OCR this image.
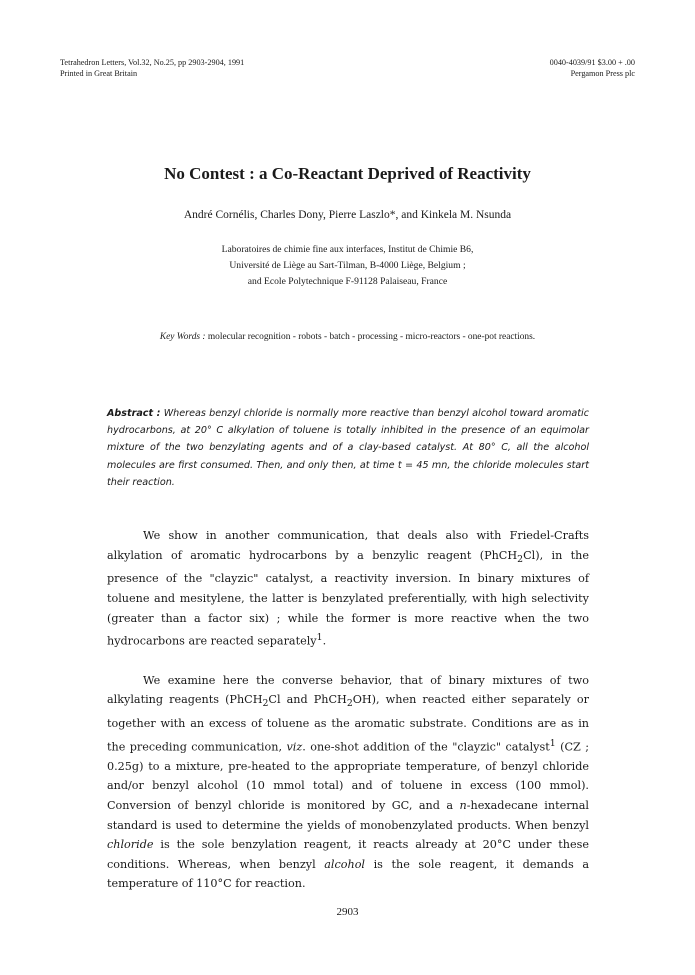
Tetrahedron Letters, Vol.32, No.25, pp 2903-2904, 1991
Printed in Great Britain
0040-4039/91 $3.00 + .00
Pergamon Press plc
No Contest : a Co-Reactant Deprived of Reactivity
André Cornélis, Charles Dony, Pierre Laszlo*, and Kinkela M. Nsunda
Laboratoires de chimie fine aux interfaces, Institut de Chimie B6,
Université de Liège au Sart-Tilman, B-4000 Liège, Belgium ;
and Ecole Polytechnique F-91128 Palaiseau, France
Key Words : molecular recognition - robots - batch - processing - micro-reactors - one-pot reactions.
Abstract : Whereas benzyl chloride is normally more reactive than benzyl alcohol toward aromatic hydrocarbons, at 20° C alkylation of toluene is totally inhibited in the presence of an equimolar mixture of the two benzylating agents and of a clay-based catalyst. At 80° C, all the alcohol molecules are first consumed. Then, and only then, at time t = 45 mn, the chloride molecules start their reaction.

We show in another communication, that deals also with Friedel-Crafts alkylation of aromatic hydrocarbons by a benzylic reagent (PhCH$_2$Cl), in the presence of the "clayzic" catalyst, a reactivity inversion. In binary mixtures of toluene and mesitylene, the latter is benzylated preferentially, with high selectivity (greater than a factor six) ; while the former is more reactive when the two hydrocarbons are reacted separately$^1$.

We examine here the converse behavior, that of binary mixtures of two alkylating reagents (PhCH$_2$Cl and PhCH$_2$OH), when reacted either separately or together with an excess of toluene as the aromatic substrate. Conditions are as in the preceding communication, viz. one-shot addition of the "clayzic" catalyst$^1$ (CZ ; 0.25g) to a mixture, pre-heated to the appropriate temperature, of benzyl chloride and/or benzyl alcohol (10 mmol total) and of toluene in excess (100 mmol). Conversion of benzyl chloride is monitored by GC, and a n-hexadecane internal standard is used to determine the yields of monobenzylated products. When benzyl chloride is the sole benzylation reagent, it reacts already at 20°C under these conditions. Whereas, when benzyl alcohol is the sole reagent, it demands a temperature of 110°C for reaction.

2903
